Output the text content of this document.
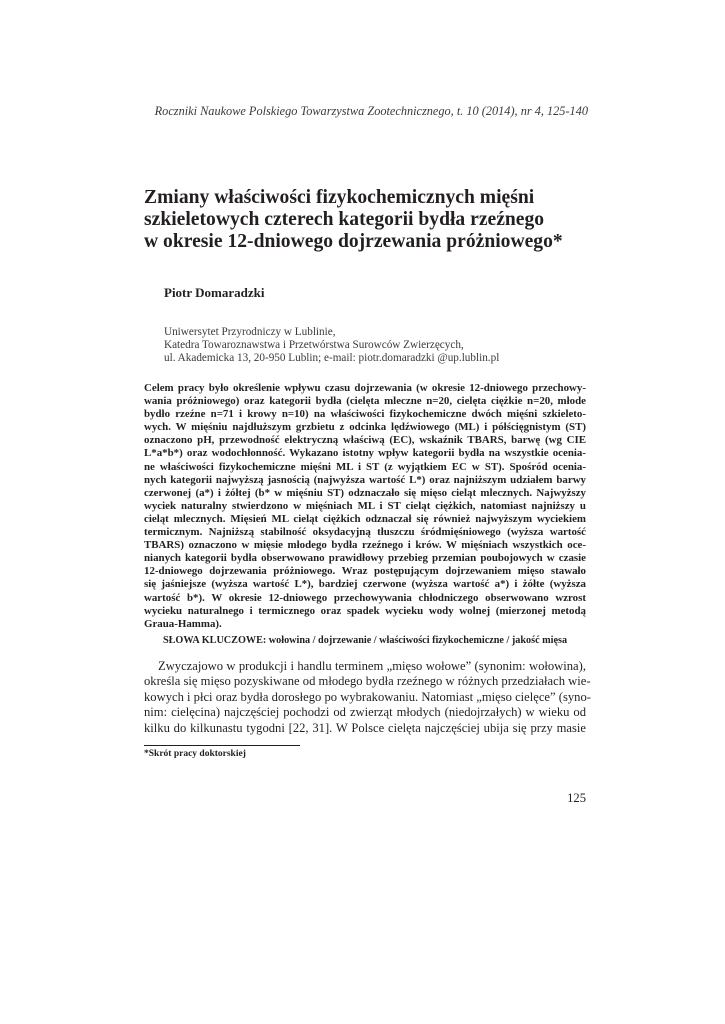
Roczniki Naukowe Polskiego Towarzystwa Zootechnicznego, t. 10 (2014), nr 4, 125-140
Zmiany właściwości fizykochemicznych mięśni
szkieletowych czterech kategorii bydła rzeźnego
w okresie 12-dniowego dojrzewania próżniowego*
Piotr Domaradzki
Uniwersytet Przyrodniczy w Lublinie,
Katedra Towaroznawstwa i Przetwórstwa Surowców Zwierzęcych,
ul. Akademicka 13, 20-950 Lublin; e-mail: piotr.domaradzki @up.lublin.pl

Celem pracy było określenie wpływu czasu dojrzewania (w okresie 12-dniowego przechowy-
wania próżniowego) oraz kategorii bydła (cielęta mleczne n=20, cielęta ciężkie n=20, młode
bydło rzeźne n=71 i krowy n=10) na właściwości fizykochemiczne dwóch mięśni szkieleto-
wych. W mięśniu najdłuższym grzbietu z odcinka lędźwiowego (ML) i półścięgnistym (ST)
oznaczono pH, przewodność elektryczną właściwą (EC), wskaźnik TBARS, barwę (wg CIE
L*a*b*) oraz wodochłonność. Wykazano istotny wpływ kategorii bydła na wszystkie ocenia-
ne właściwości fizykochemiczne mięśni ML i ST (z wyjątkiem EC w ST). Spośród ocenia-
nych kategorii najwyższą jasnością (najwyższa wartość L*) oraz najniższym udziałem barwy
czerwonej (a*) i żółtej (b* w mięśniu ST) odznaczało się mięso cieląt mlecznych. Najwyższy
wyciek naturalny stwierdzono w mięśniach ML i ST cieląt ciężkich, natomiast najniższy u
cieląt mlecznych. Mięsień ML cieląt ciężkich odznaczał się również najwyższym wyciekiem
termicznym. Najniższą stabilność oksydacyjną tłuszczu śródmięśniowego (wyższa wartość
TBARS) oznaczono w mięsie młodego bydła rzeźnego i krów. W mięśniach wszystkich oce-
nianych kategorii bydła obserwowano prawidłowy przebieg przemian poubojowych w czasie
12-dniowego dojrzewania próżniowego. Wraz postępującym dojrzewaniem mięso stawało
się jaśniejsze (wyższa wartość L*), bardziej czerwone (wyższa wartość a*) i żółte (wyższa
wartość b*). W okresie 12-dniowego przechowywania chłodniczego obserwowano wzrost
wycieku naturalnego i termicznego oraz spadek wycieku wody wolnej (mierzonej metodą
Graua-Hamma).

SŁOWA KLUCZOWE: wołowina / dojrzewanie / właściwości fizykochemiczne / jakość mięsa

Zwyczajowo w produkcji i handlu terminem „mięso wołowe” (synonim: wołowina),
określa się mięso pozyskiwane od młodego bydła rzeźnego w różnych przedziałach wie-
kowych i płci oraz bydła dorosłego po wybrakowaniu. Natomiast „mięso cielęce” (syno-
nim: cielęcina) najczęściej pochodzi od zwierząt młodych (niedojrzałych) w wieku od
kilku do kilkunastu tygodni [22, 31]. W Polsce cielęta najczęściej ubija się przy masie

*Skrót pracy doktorskiej
125
